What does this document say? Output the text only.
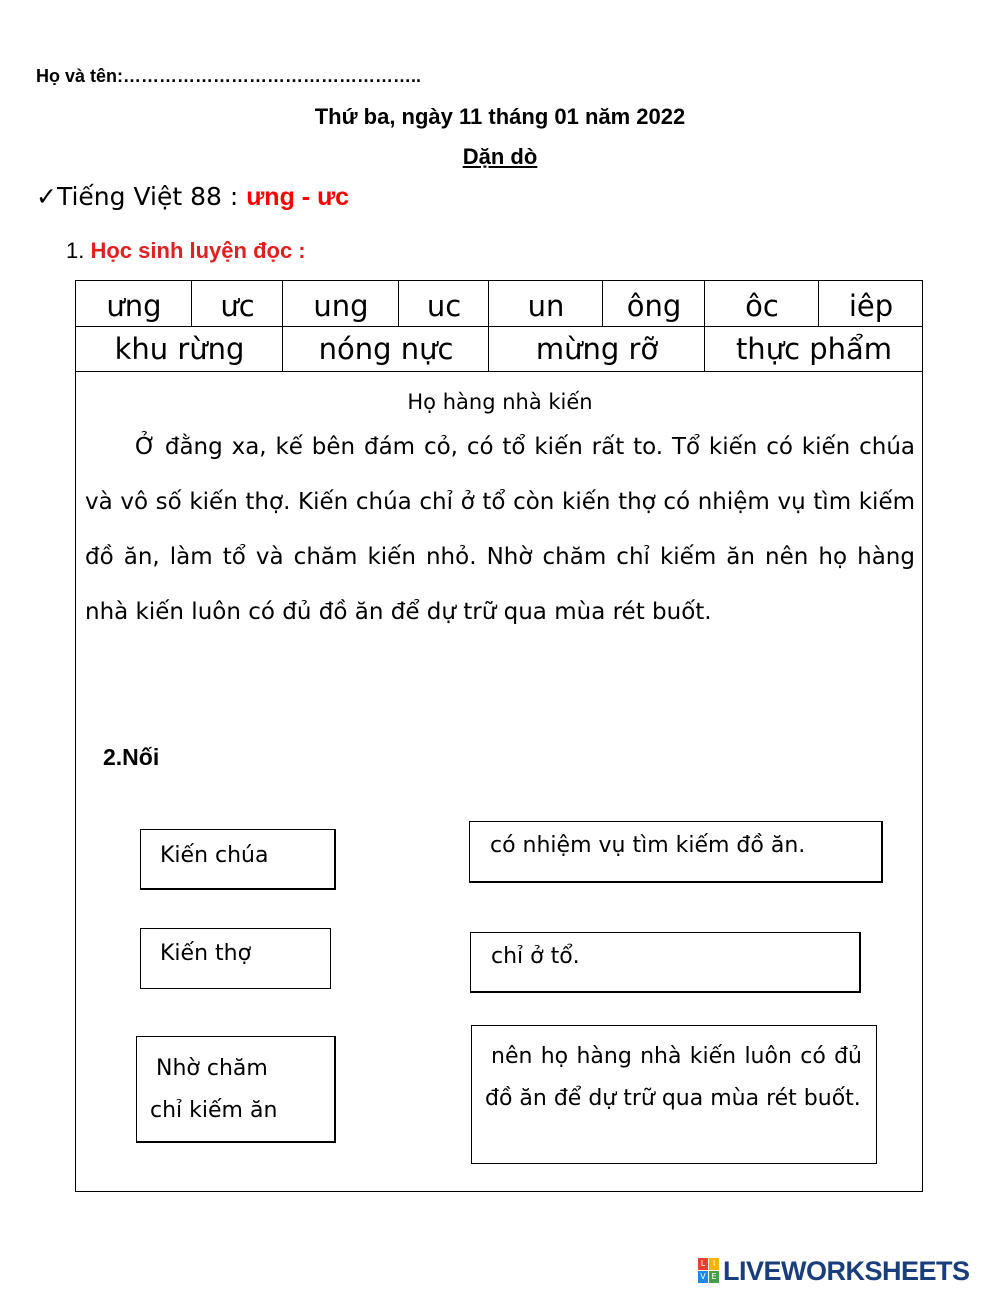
Họ và tên:…………………………………………..
Thứ ba, ngày 11 tháng 01 năm 2022
Dặn dò
✓Tiếng Việt 88 : ưng - ưc
1. Học sinh luyện đọc :
ưng	ưc	ung	uc	un	ông	ôc	iêp
khu rừng	nóng nực	mừng rỡ	thực phẩm
Họ hàng nhà kiến
Ở đằng xa, kế bên đám cỏ, có tổ kiến rất to. Tổ kiến có kiến chúa và vô số kiến thợ. Kiến chúa chỉ ở tổ còn kiến thợ có nhiệm vụ tìm kiếm đồ ăn, làm tổ và chăm kiến nhỏ. Nhờ chăm chỉ kiếm ăn nên họ hàng nhà kiến luôn có đủ đồ ăn để dự trữ qua mùa rét buốt.
2.Nối
Kiến chúa
Kiến thợ
Nhờ chăm
chỉ kiếm ăn
có nhiệm vụ tìm kiếm đồ ăn.
chỉ ở tổ.
nên họ hàng nhà kiến luôn có đủ đồ ăn để dự trữ qua mùa rét buốt.
L I
V E LIVEWORKSHEETS
